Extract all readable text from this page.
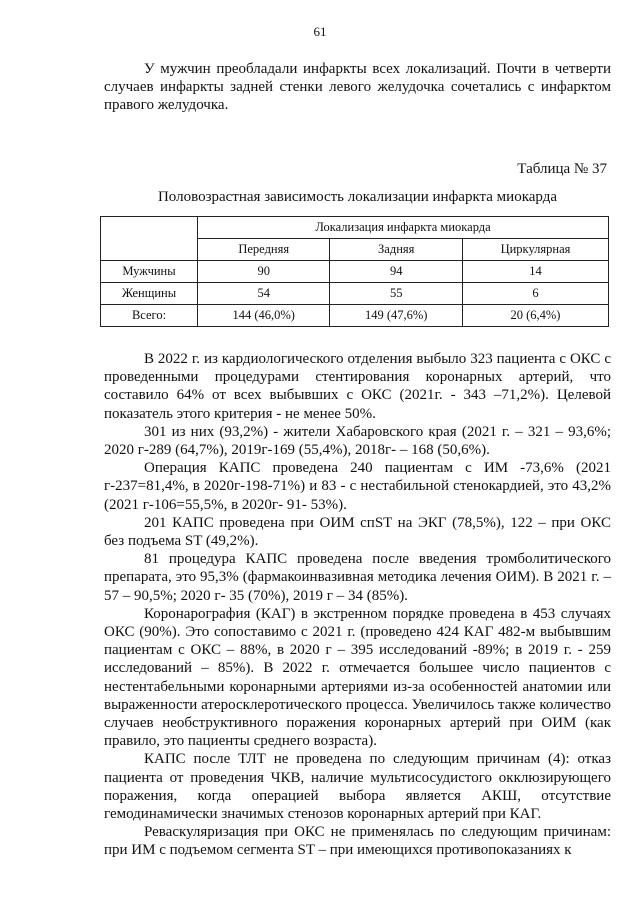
61

У мужчин преобладали инфаркты всех локализаций. Почти в четверти случаев инфаркты задней стенки левого желудочка сочетались с инфарктом правого желудочка.

Таблица № 37
Половозрастная зависимость локализации инфаркта миокарда
	Локализация инфаркта миокарда		
	Передняя	Задняя	Циркулярная
Мужчины	90	94	14
Женщины	54	55	6
Всего:	144 (46,0%)	149 (47,6%)	20 (6,4%)

В 2022 г. из кардиологического отделения выбыло 323 пациента с ОКС с проведенными процедурами стентирования коронарных артерий, что составило 64% от всех выбывших с ОКС (2021г. - 343 –71,2%). Целевой показатель этого критерия - не менее 50%.

301 из них (93,2%) - жители Хабаровского края (2021 г. – 321 – 93,6%; 2020 г-289 (64,7%), 2019г-169 (55,4%), 2018г- – 168 (50,6%).

Операция КАПС проведена 240 пациентам с ИМ -73,6% (2021 г-237=81,4%, в 2020г-198-71%) и 83 - с нестабильной стенокардией, это 43,2% (2021 г-106=55,5%, в 2020г- 91- 53%).

201 КАПС проведена при ОИМ спST на ЭКГ (78,5%), 122 – при ОКС без подъема ST (49,2%).

81 процедура КАПС проведена после введения тромболитического препарата, это 95,3% (фармакоинвазивная методика лечения ОИМ). В 2021 г. – 57 – 90,5%; 2020 г- 35 (70%), 2019 г – 34 (85%).

Коронарография (КАГ) в экстренном порядке проведена в 453 случаях ОКС (90%). Это сопоставимо с 2021 г. (проведено 424 КАГ 482-м выбывшим пациентам с ОКС – 88%, в 2020 г – 395 исследований -89%; в 2019 г. - 259 исследований – 85%). В 2022 г. отмечается большее число пациентов с нестентабельными коронарными артериями из-за особенностей анатомии или выраженности атеросклеротического процесса. Увеличилось также количество случаев необструктивного поражения коронарных артерий при ОИМ (как правило, это пациенты среднего возраста).

КАПС после ТЛТ не проведена по следующим причинам (4): отказ пациента от проведения ЧКВ, наличие мультисосудистого окклюзирующего поражения, когда операцией выбора является АКШ, отсутствие гемодинамически значимых стенозов коронарных артерий при КАГ.

Реваскуляризация при ОКС не применялась по следующим причинам: при ИМ с подъемом сегмента ST – при имеющихся противопоказаниях к
